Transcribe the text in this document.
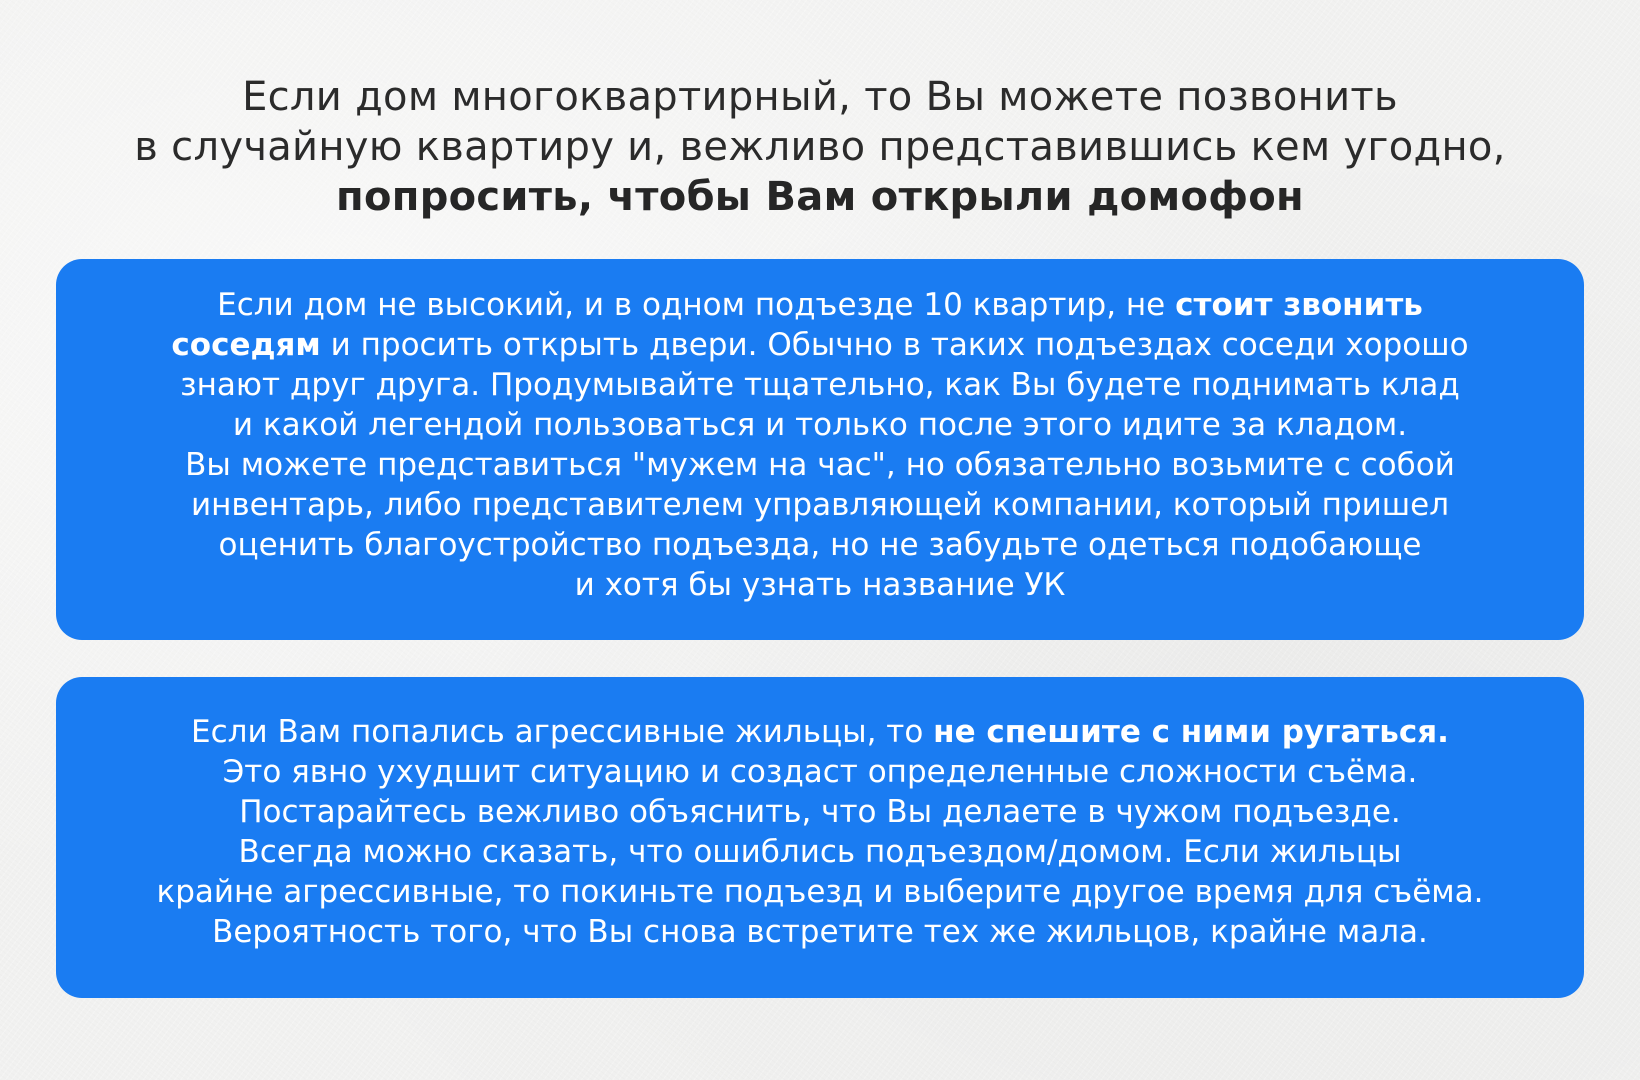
Если дом многоквартирный, то Вы можете позвонить
в случайную квартиру и, вежливо представившись кем угодно,
попросить, чтобы Вам открыли домофон
Если дом не высокий, и в одном подъезде 10 квартир, не стоит звонить
соседям и просить открыть двери. Обычно в таких подъездах соседи хорошо
знают друг друга. Продумывайте тщательно, как Вы будете поднимать клад
и какой легендой пользоваться и только после этого идите за кладом.
Вы можете представиться "мужем на час", но обязательно возьмите с собой
инвентарь, либо представителем управляющей компании, который пришел
оценить благоустройство подъезда, но не забудьте одеться подобающе
и хотя бы узнать название УК
Если Вам попались агрессивные жильцы, то не спешите с ними ругаться.
Это явно ухудшит ситуацию и создаст определенные сложности съёма.
Постарайтесь вежливо объяснить, что Вы делаете в чужом подъезде.
Всегда можно сказать, что ошиблись подъездом/домом. Если жильцы
крайне агрессивные, то покиньте подъезд и выберите другое время для съёма.
Вероятность того, что Вы снова встретите тех же жильцов, крайне мала.
